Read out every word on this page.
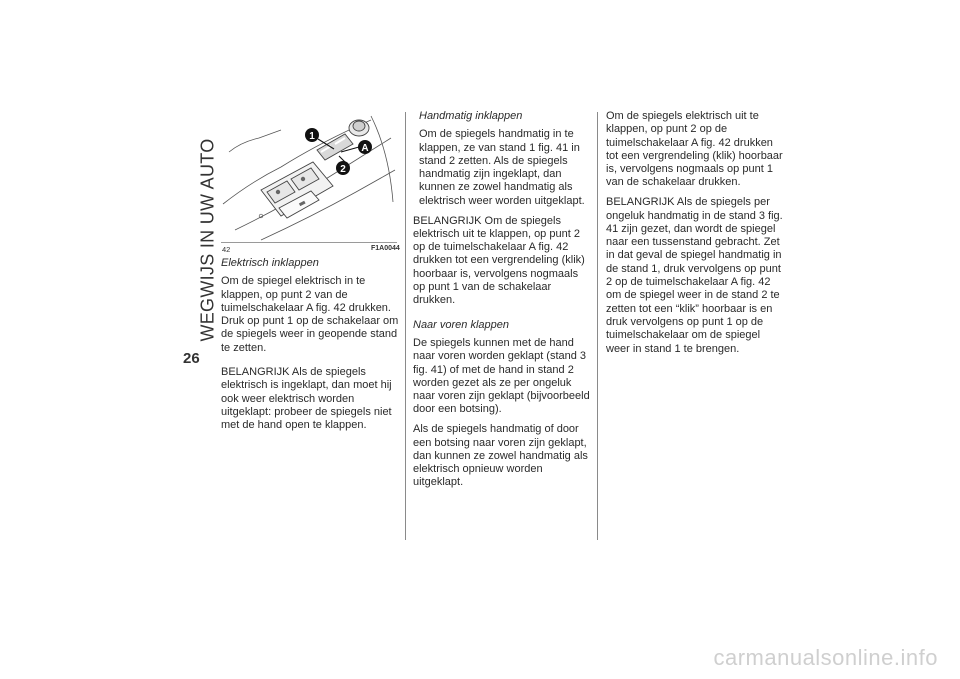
WEGWIJS IN UW AUTO
26
1
A
2
42	F1A0044

Elektrisch inklappen

Om de spiegel elektrisch in te klappen, op punt 2 van de tuimelschakelaar A fig. 42 drukken. Druk op punt 1 op de schakelaar om de spiegels weer in geopende stand te zetten.

BELANGRIJK Als de spiegels elektrisch is ingeklapt, dan moet hij ook weer elektrisch worden uitgeklapt: probeer de spiegels niet met de hand open te klappen.

Handmatig inklappen

Om de spiegels handmatig in te klappen, ze van stand 1 fig. 41 in stand 2 zetten. Als de spiegels handmatig zijn ingeklapt, dan kunnen ze zowel handmatig als elektrisch weer worden uitgeklapt.

BELANGRIJK Om de spiegels elektrisch uit te klappen, op punt 2 op de tuimelschakelaar A fig. 42 drukken tot een vergrendeling (klik) hoorbaar is, vervolgens nogmaals op punt 1 van de schakelaar drukken.

Naar voren klappen

De spiegels kunnen met de hand naar voren worden geklapt (stand 3 fig. 41) of met de hand in stand 2 worden gezet als ze per ongeluk naar voren zijn geklapt (bijvoorbeeld door een botsing).

Als de spiegels handmatig of door een botsing naar voren zijn geklapt, dan kunnen ze zowel handmatig als elektrisch opnieuw worden uitgeklapt.

Om de spiegels elektrisch uit te klappen, op punt 2 op de tuimelschakelaar A fig. 42 drukken tot een vergrendeling (klik) hoorbaar is, vervolgens nogmaals op punt 1 van de schakelaar drukken.

BELANGRIJK Als de spiegels per ongeluk handmatig in de stand 3 fig. 41 zijn gezet, dan wordt de spiegel naar een tussenstand gebracht. Zet in dat geval de spiegel handmatig in de stand 1, druk vervolgens op punt 2 op de tuimelschakelaar A fig. 42 om de spiegel weer in de stand 2 te zetten tot een “klik” hoorbaar is en druk vervolgens op punt 1 op de tuimelschakelaar om de spiegel weer in stand 1 te brengen.

carmanualsonline.info
